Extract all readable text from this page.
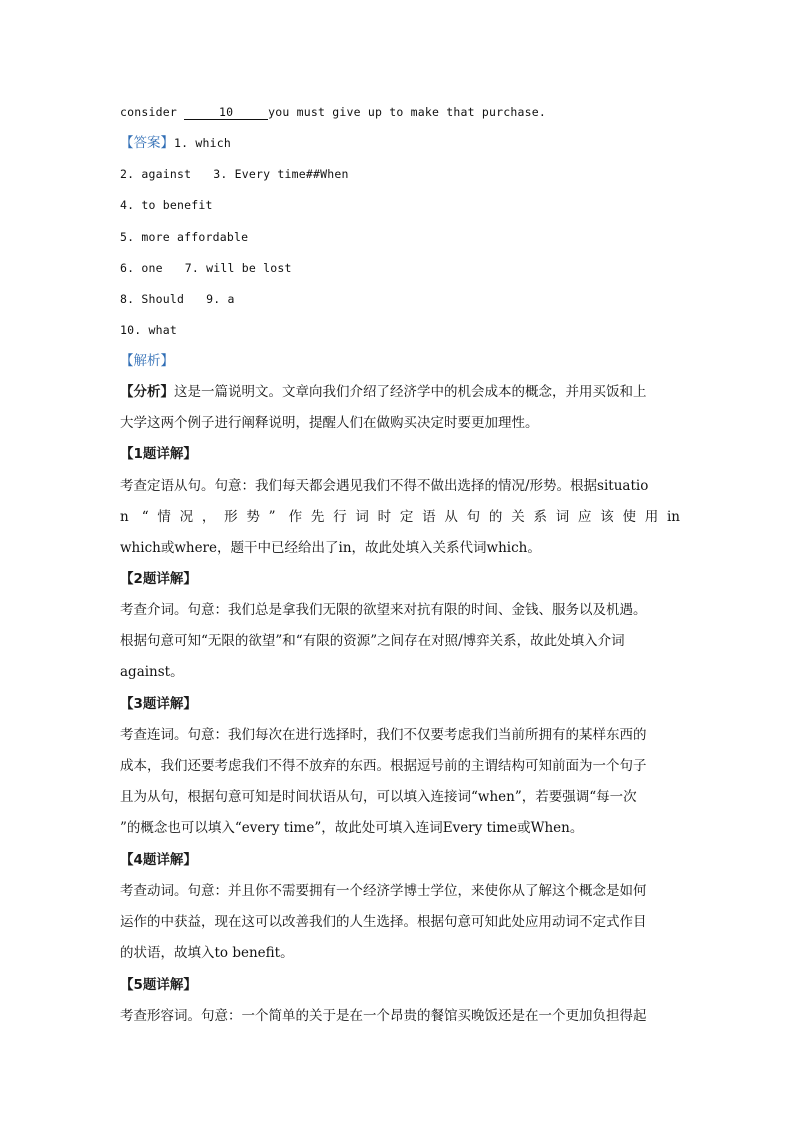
consider	10	you must give up to make that purchase.
【答案】1. which
2. against 3. Every time##When
4. to benefit
5. more affordable
6. one 7. will be lost
8. Should 9. a
10. what
【解析】
【分析】这是一篇说明文。文章向我们介绍了经济学中的机会成本的概念，并用买饭和上
大学这两个例子进行阐释说明，提醒人们在做购买决定时要更加理性。
【1题详解】
考查定语从句。句意：我们每天都会遇见我们不得不做出选择的情况/形势。根据situatio
n “情况，形势” 作先行词时定语从句的关系词应该使用in
which或where，题干中已经给出了in，故此处填入关系代词which。
【2题详解】
考查介词。句意：我们总是拿我们无限的欲望来对抗有限的时间、金钱、服务以及机遇。
根据句意可知“无限的欲望”和“有限的资源”之间存在对照/博弈关系，故此处填入介词
against。
【3题详解】
考查连词。句意：我们每次在进行选择时，我们不仅要考虑我们当前所拥有的某样东西的
成本，我们还要考虑我们不得不放弃的东西。根据逗号前的主谓结构可知前面为一个句子
且为从句，根据句意可知是时间状语从句，可以填入连接词“when”，若要强调“每一次
”的概念也可以填入“every time”，故此处可填入连词Every time或When。
【4题详解】
考查动词。句意：并且你不需要拥有一个经济学博士学位，来使你从了解这个概念是如何
运作的中获益，现在这可以改善我们的人生选择。根据句意可知此处应用动词不定式作目
的状语，故填入to benefit。
【5题详解】
考查形容词。句意：一个简单的关于是在一个昂贵的餐馆买晚饭还是在一个更加负担得起
